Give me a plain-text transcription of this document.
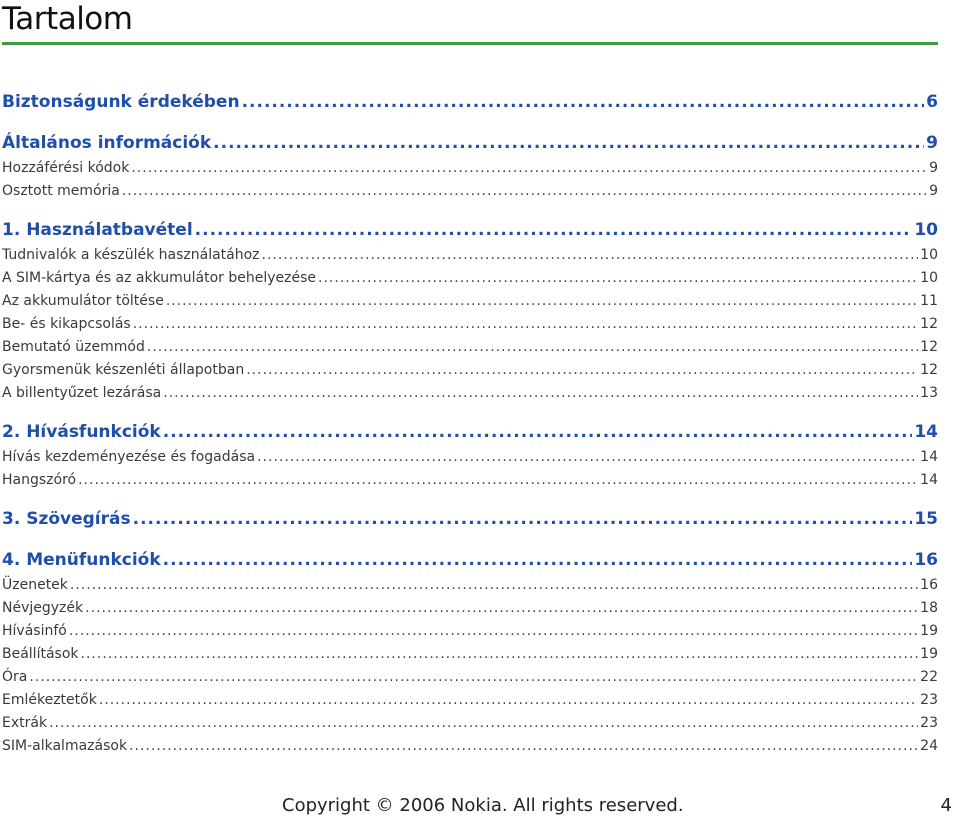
Tartalom
Biztonságunk érdekében .....	6
Általános információk .....	9
Hozzáférési kódok .....	9
Osztott memória .....	9
1. Használatbavétel .....	10
Tudnivalók a készülék használatához .....	10
A SIM-kártya és az akkumulátor behelyezése .....	10
Az akkumulátor töltése .....	11
Be- és kikapcsolás .....	12
Bemutató üzemmód .....	12
Gyorsmenük készenléti állapotban .....	12
A billentyűzet lezárása .....	13
2. Hívásfunkciók .....	14
Hívás kezdeményezése és fogadása .....	14
Hangszóró .....	14
3. Szövegírás .....	15
4. Menüfunkciók .....	16
Üzenetek .....	16
Névjegyzék .....	18
Hívásinfó .....	19
Beállítások .....	19
Óra .....	22
Emlékeztetők .....	23
Extrák .....	23
SIM-alkalmazások .....	24
Copyright © 2006 Nokia. All rights reserved.	4
